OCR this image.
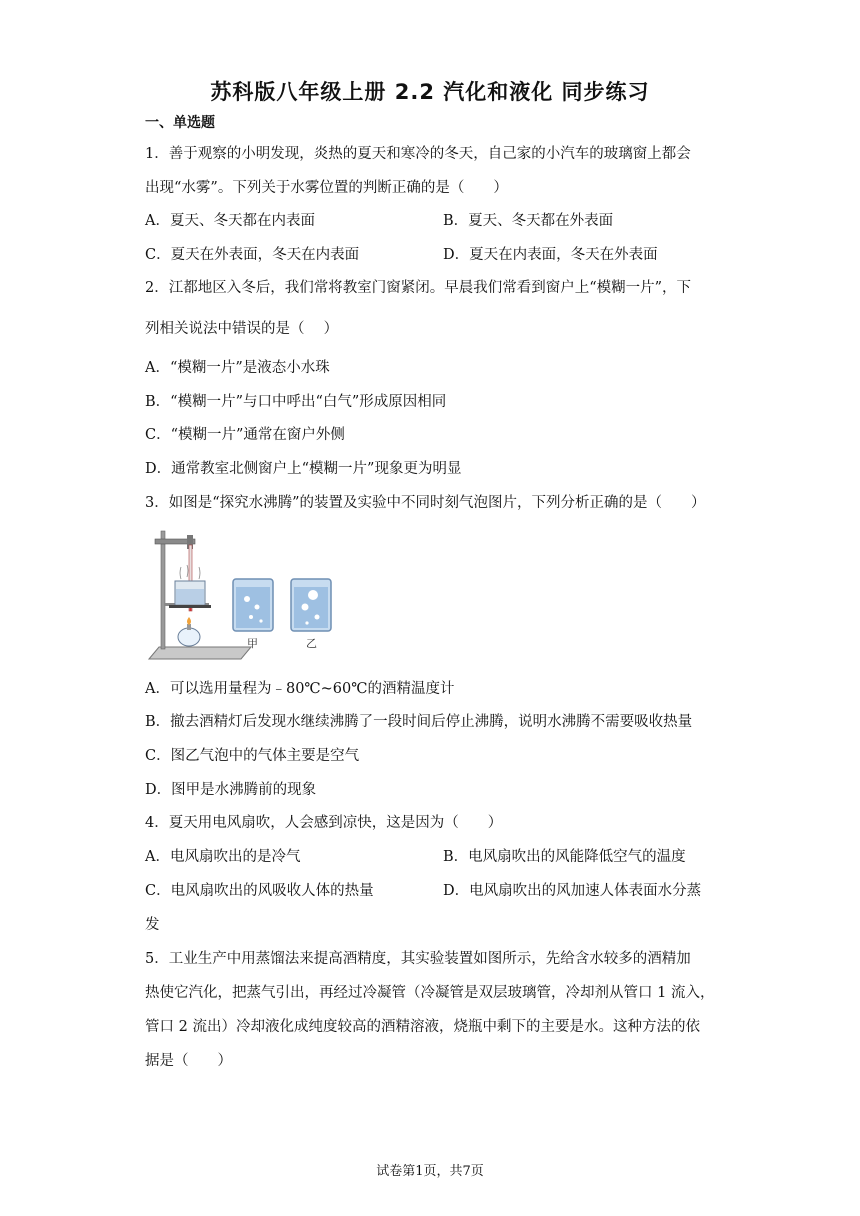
苏科版八年级上册 2.2 汽化和液化 同步练习
一、单选题
1．善于观察的小明发现，炎热的夏天和寒冷的冬天，自己家的小汽车的玻璃窗上都会
出现“水雾”。下列关于水雾位置的判断正确的是（　　）
A．夏天、冬天都在内表面	B．夏天、冬天都在外表面
C．夏天在外表面，冬天在内表面	D．夏天在内表面，冬天在外表面
2．江都地区入冬后，我们常将教室门窗紧闭。早晨我们常看到窗户上“模糊一片”，下
列相关说法中错误的是（　 ）
A．“模糊一片”是液态小水珠
B．“模糊一片”与口中呼出“白气”形成原因相同
C．“模糊一片”通常在窗户外侧
D．通常教室北侧窗户上“模糊一片”现象更为明显
3．如图是“探究水沸腾”的装置及实验中不同时刻气泡图片，下列分析正确的是（　　）
甲	乙
A．可以选用量程为﹣80℃~60℃的酒精温度计
B．撤去酒精灯后发现水继续沸腾了一段时间后停止沸腾，说明水沸腾不需要吸收热量
C．图乙气泡中的气体主要是空气
D．图甲是水沸腾前的现象
4．夏天用电风扇吹，人会感到凉快，这是因为（　　）
A．电风扇吹出的是冷气	B．电风扇吹出的风能降低空气的温度
C．电风扇吹出的风吸收人体的热量	D．电风扇吹出的风加速人体表面水分蒸
发
5．工业生产中用蒸馏法来提高酒精度，其实验装置如图所示，先给含水较多的酒精加
热使它汽化，把蒸气引出，再经过冷凝管（冷凝管是双层玻璃管，冷却剂从管口 1 流入，
管口 2 流出）冷却液化成纯度较高的酒精溶液，烧瓶中剩下的主要是水。这种方法的依
据是（　　）
试卷第1页，共7页
